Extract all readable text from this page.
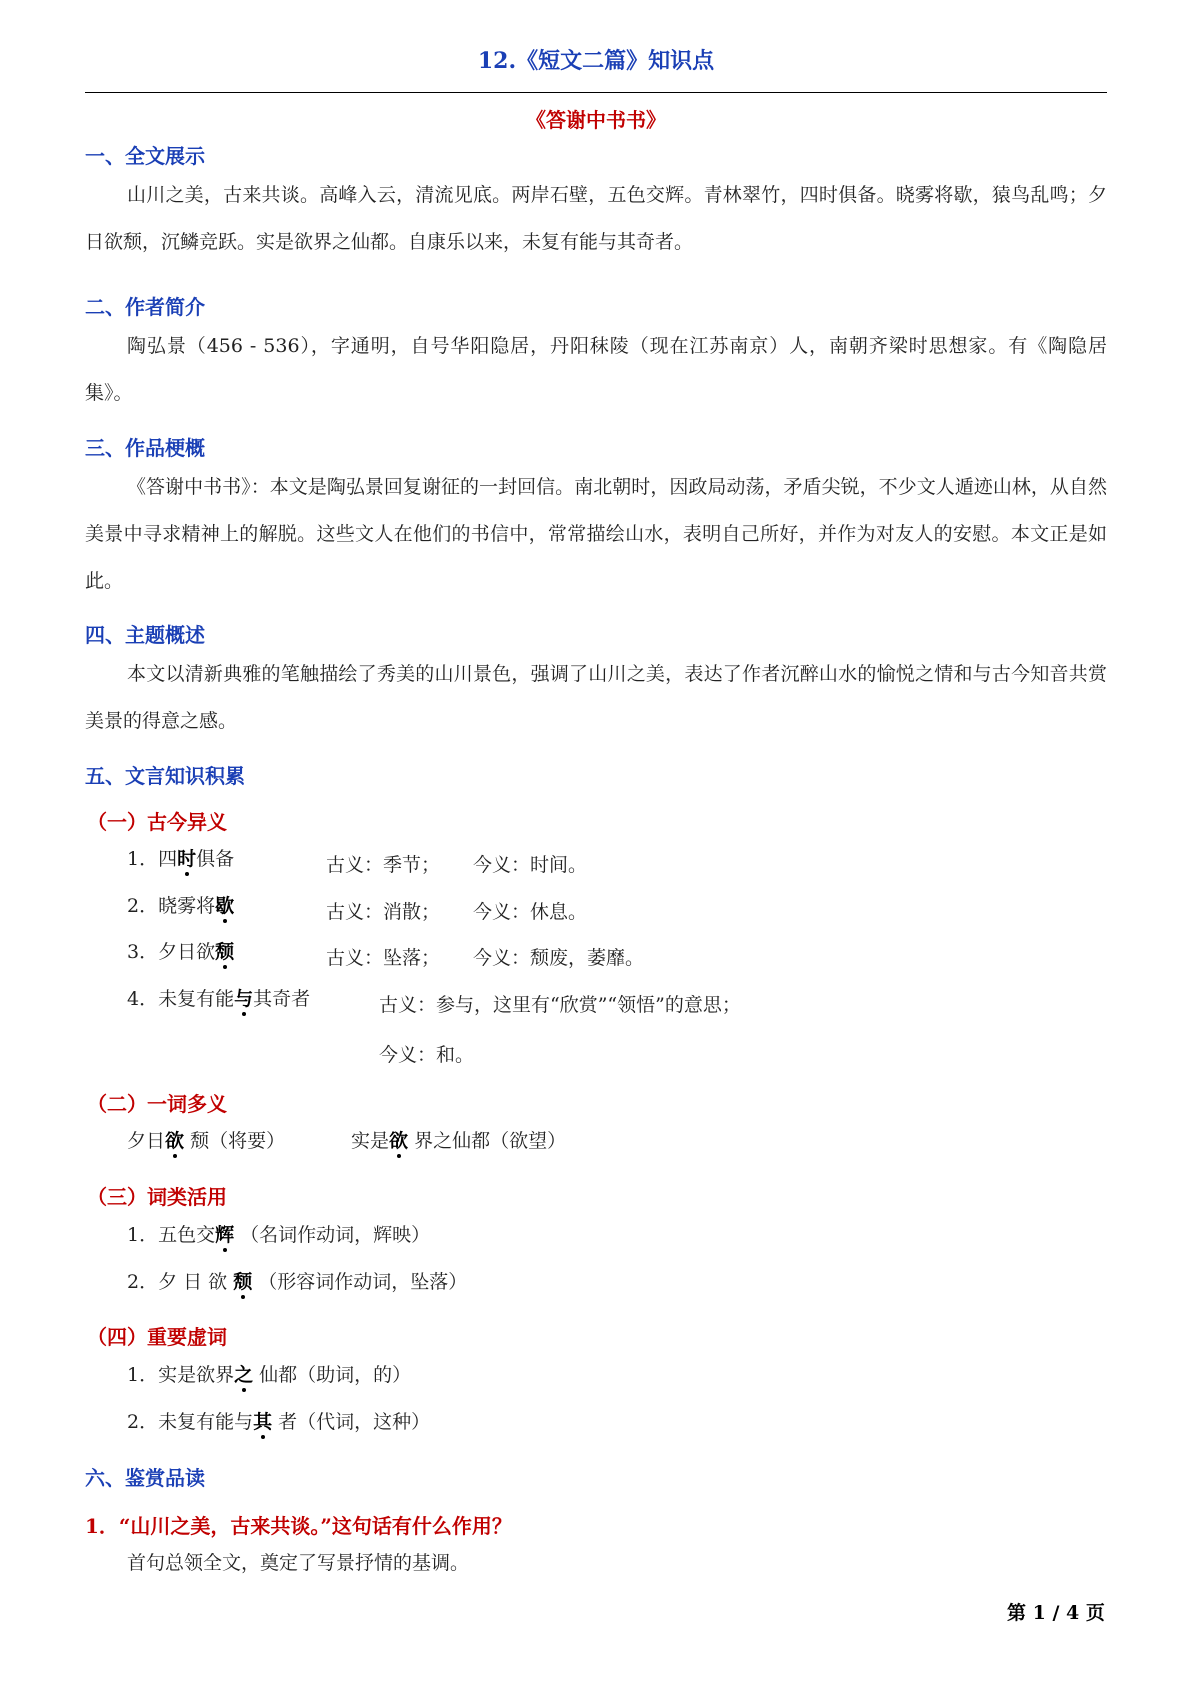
12.《短文二篇》知识点
《答谢中书书》
一、全文展示
山川之美，古来共谈。高峰入云，清流见底。两岸石壁，五色交辉。青林翠竹，四时俱备。晓雾将歇，猿鸟乱鸣；夕日欲颓，沉鳞竞跃。实是欲界之仙都。自康乐以来，未复有能与其奇者。
二、作者简介
陶弘景（456 - 536），字通明，自号华阳隐居，丹阳秣陵（现在江苏南京）人，南朝齐梁时思想家。有《陶隐居集》。
三、作品梗概
《答谢中书书》：本文是陶弘景回复谢征的一封回信。南北朝时，因政局动荡，矛盾尖锐，不少文人遁迹山林，从自然美景中寻求精神上的解脱。这些文人在他们的书信中，常常描绘山水，表明自己所好，并作为对友人的安慰。本文正是如此。
四、主题概述
本文以清新典雅的笔触描绘了秀美的山川景色，强调了山川之美，表达了作者沉醉山水的愉悦之情和与古今知音共赏美景的得意之感。
五、文言知识积累
（一）古今异义
1．四时俱备	古义：季节； 今义：时间。
2．晓雾将歇	古义：消散； 今义：休息。
3．夕日欲颓	古义：坠落； 今义：颓废，萎靡。
4．未复有能与其奇者	古义：参与，这里有“欣赏”“领悟”的意思；
今义：和。
（二）一词多义
夕日欲 颓（将要）	实是欲 界之仙都（欲望）
（三）词类活用
1．五色交辉 （名词作动词，辉映）
2．夕 日 欲 颓 （形容词作动词，坠落）
（四）重要虚词
1．实是欲界之 仙都（助词，的）
2．未复有能与其 者（代词，这种）
六、鉴赏品读
1．“山川之美，古来共谈。”这句话有什么作用？
首句总领全文，奠定了写景抒情的基调。
第 1 / 4 页
